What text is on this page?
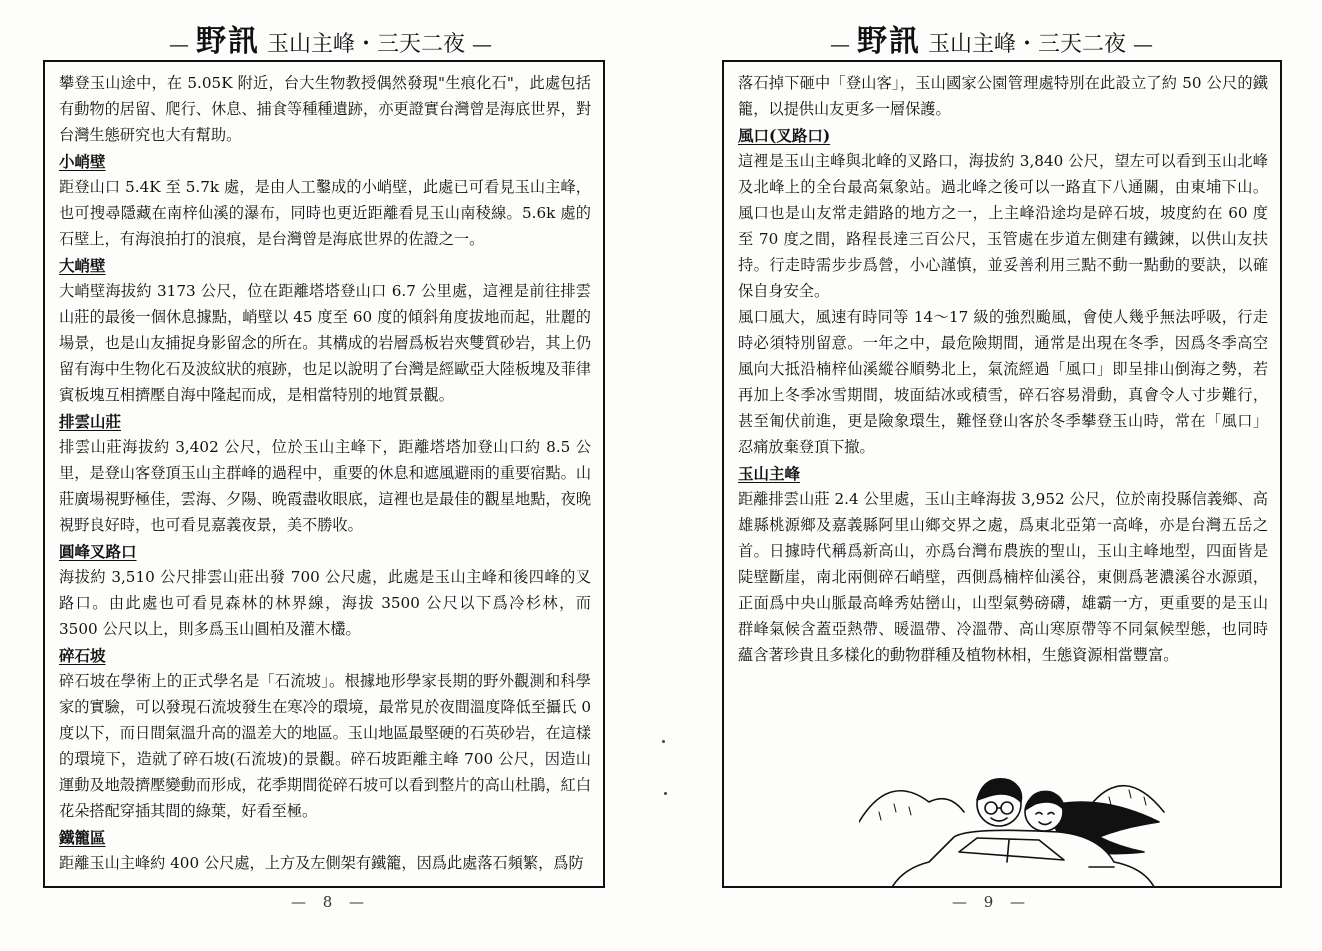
— 野訊 玉山主峰・三天二夜 —

攀登玉山途中，在 5.05K 附近，台大生物教授偶然發現"生痕化石"，此處包括有動物的居留、爬行、休息、捕食等種種遺跡，亦更證實台灣曾是海底世界，對台灣生態研究也大有幫助。

小峭壁

距登山口 5.4K 至 5.7k 處，是由人工鑿成的小峭壁，此處已可看見玉山主峰，也可搜尋隱藏在南梓仙溪的瀑布，同時也更近距離看見玉山南稜線。5.6k 處的石壁上，有海浪拍打的浪痕，是台灣曾是海底世界的佐證之一。

大峭壁

大峭壁海拔約 3173 公尺，位在距離塔塔登山口 6.7 公里處，這裡是前往排雲山莊的最後一個休息據點，峭壁以 45 度至 60 度的傾斜角度拔地而起，壯麗的場景，也是山友捕捉身影留念的所在。其構成的岩層爲板岩夾雙質砂岩，其上仍留有海中生物化石及波紋狀的痕跡，也足以說明了台灣是經歐亞大陸板塊及菲律賓板塊互相擠壓自海中隆起而成，是相當特別的地質景觀。

排雲山莊

排雲山莊海拔約 3,402 公尺，位於玉山主峰下，距離塔塔加登山口約 8.5 公里，是登山客登頂玉山主群峰的過程中，重要的休息和遮風避雨的重要宿點。山莊廣場視野極佳，雲海、夕陽、晚霞盡收眼底，這裡也是最佳的觀星地點，夜晚視野良好時，也可看見嘉義夜景，美不勝收。

圓峰叉路口

海拔約 3,510 公尺排雲山莊出發 700 公尺處，此處是玉山主峰和後四峰的叉路口。由此處也可看見森林的林界線，海拔 3500 公尺以下爲冷杉林，而 3500 公尺以上，則多爲玉山圓柏及灌木欉。

碎石坡

碎石坡在學術上的正式學名是「石流坡」。根據地形學家長期的野外觀測和科學家的實驗，可以發現石流坡發生在寒冷的環境，最常見於夜間溫度降低至攝氏 0 度以下，而日間氣溫升高的溫差大的地區。玉山地區最堅硬的石英砂岩，在這樣的環境下，造就了碎石坡(石流坡)的景觀。碎石坡距離主峰 700 公尺，因造山運動及地殼擠壓變動而形成，花季期間從碎石坡可以看到整片的高山杜鵑，紅白花朵搭配穿插其間的綠葉，好看至極。

鐵籠區

距離玉山主峰約 400 公尺處，上方及左側架有鐵籠，因爲此處落石頻繁，爲防

— 8 —
— 野訊 玉山主峰・三天二夜 —

落石掉下砸中「登山客」，玉山國家公園管理處特別在此設立了約 50 公尺的鐵籠，以提供山友更多一層保護。

風口(叉路口)

這裡是玉山主峰與北峰的叉路口，海拔約 3,840 公尺，望左可以看到玉山北峰及北峰上的全台最高氣象站。過北峰之後可以一路直下八通關，由東埔下山。風口也是山友常走錯路的地方之一，上主峰沿途均是碎石坡，坡度約在 60 度至 70 度之間，路程長達三百公尺，玉管處在步道左側建有鐵鍊，以供山友扶持。行走時需步步爲營，小心謹慎，並妥善利用三點不動一點動的要訣，以確保自身安全。

風口風大，風速有時同等 14～17 級的強烈颱風，會使人幾乎無法呼吸，行走時必須特別留意。一年之中，最危險期間，通常是出現在冬季，因爲冬季高空風向大抵沿楠梓仙溪縱谷順勢北上，氣流經過「風口」即呈排山倒海之勢，若再加上冬季冰雪期間，坡面結冰或積雪，碎石容易滑動，真會令人寸步難行，甚至匍伏前進，更是險象環生，難怪登山客於冬季攀登玉山時，常在「風口」忍痛放棄登頂下撤。

玉山主峰

距離排雲山莊 2.4 公里處，玉山主峰海拔 3,952 公尺，位於南投縣信義鄉、高雄縣桃源鄉及嘉義縣阿里山鄉交界之處，爲東北亞第一高峰，亦是台灣五岳之首。日據時代稱爲新高山，亦爲台灣布農族的聖山，玉山主峰地型，四面皆是陡壁斷崖，南北兩側碎石峭壁，西側爲楠梓仙溪谷，東側爲荖濃溪谷水源頭，正面爲中央山脈最高峰秀姑巒山，山型氣勢磅礴，雄霸一方，更重要的是玉山群峰氣候含蓋亞熱帶、暖溫帶、冷溫帶、高山寒原帶等不同氣候型態，也同時蘊含著珍貴且多樣化的動物群種及植物林相，生態資源相當豐富。

— 9 —
